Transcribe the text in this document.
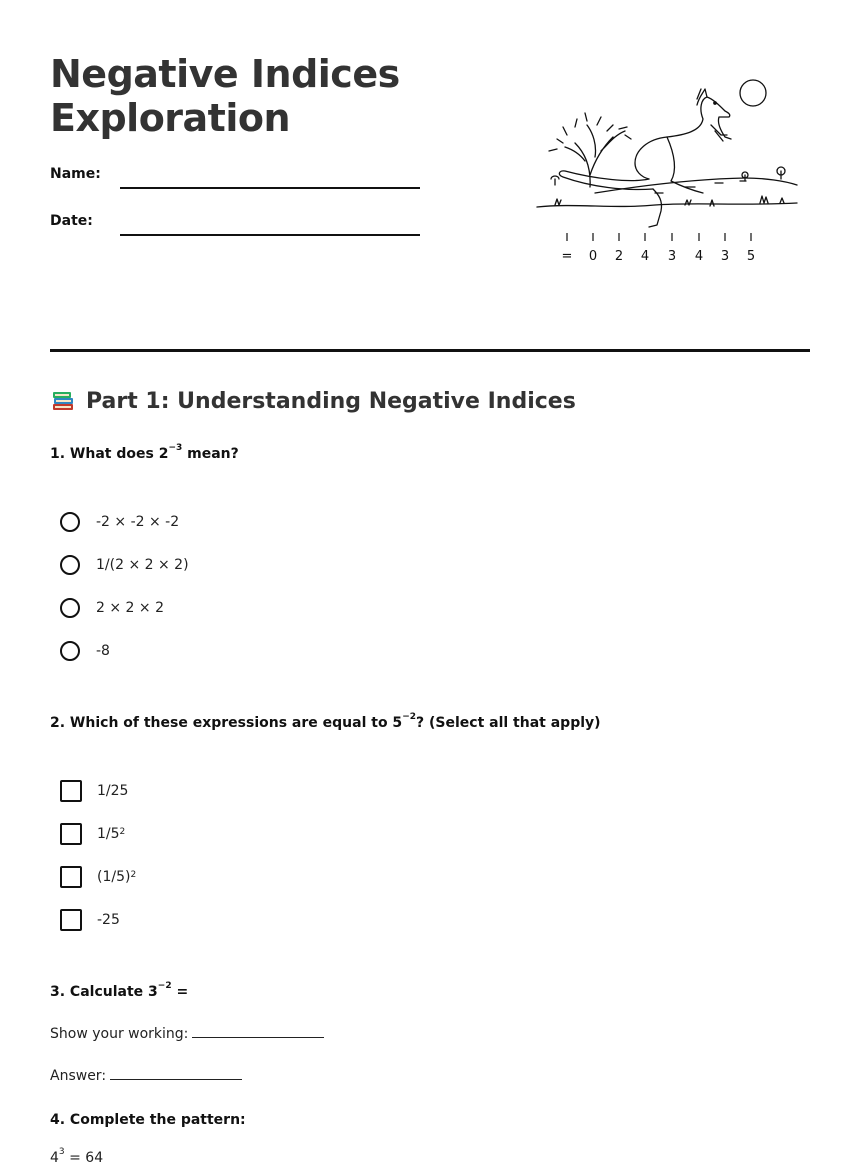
Negative Indices
Exploration
Name:
Date:
= 0 2 4 3 4 3 5
Part 1: Understanding Negative Indices
1. What does $2^{-3}$ mean?
-2 × -2 × -2
1/(2 × 2 × 2)
2 × 2 × 2
-8
2. Which of these expressions are equal to $5^{-2}$? (Select all that apply)
1/25
$1/5^2$
$(1/5)^2$
-25
3. Calculate $3^{-2}$ =
Show your working:
Answer:
4. Complete the pattern:
$4^3 = 64$
